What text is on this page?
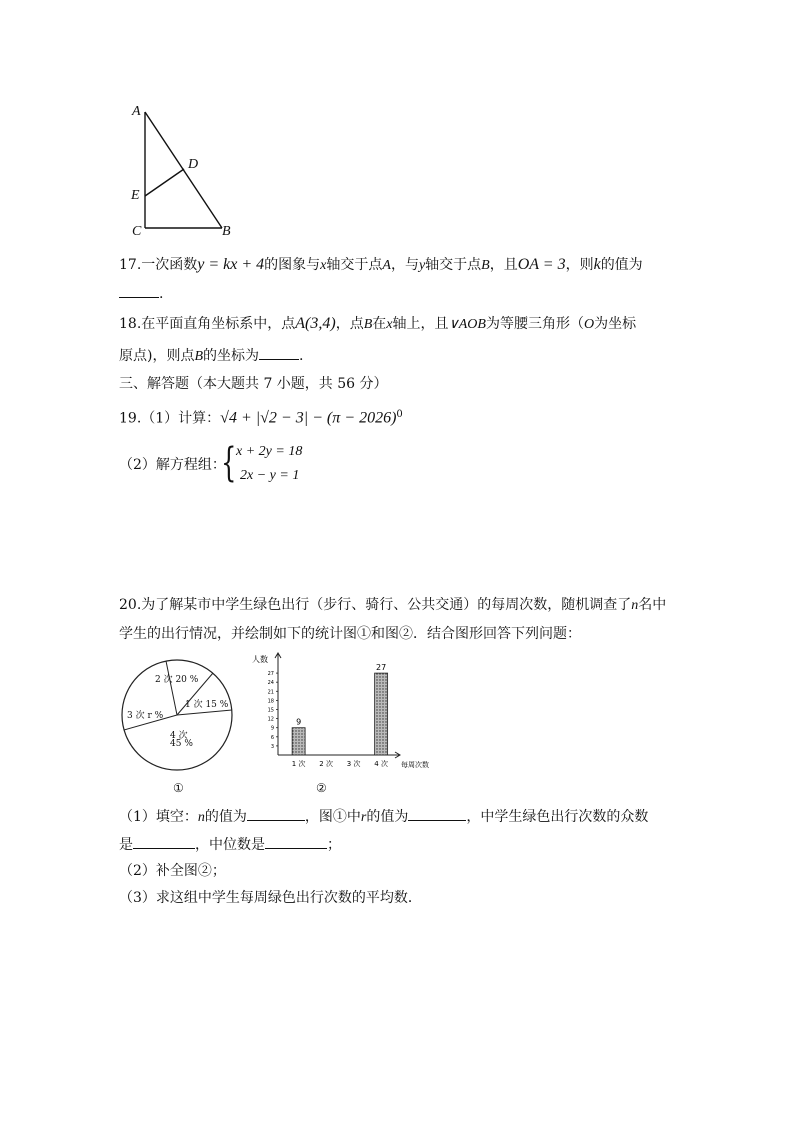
A
D
E
C	B
17.一次函数y = kx + 4的图象与x轴交于点A，与y轴交于点B，且OA = 3，则k的值为
.
18.在平面直角坐标系中，点A(3,4)，点B在x轴上，且∨AOB为等腰三角形（O为坐标
原点)，则点B的坐标为	.
三、解答题（本大题共 7 小题，共 56 分）
19.（1）计算：$√4 + |√2 - 3| - (\pi - 2026)^0$
（2）解方程组：
{ x + 2y = 18
2x − y = 1
20.为了解某市中学生绿色出行（步行、骑行、公共交通）的每周次数，随机调查了n名中
学生的出行情况，并绘制如下的统计图①和图②．结合图形回答下列问题：
2 次 20 %
1 次 15 %
3 次 r %
4 次
45 %
①
人数
每周次数
3
6
9
12
15
18
21
24
27
1 次
9
2 次 3 次 4 次
27
②
（1）填空：n的值为	，图①中r的值为	，中学生绿色出行次数的众数
是	，中位数是	；
（2）补全图②；
（3）求这组中学生每周绿色出行次数的平均数．
